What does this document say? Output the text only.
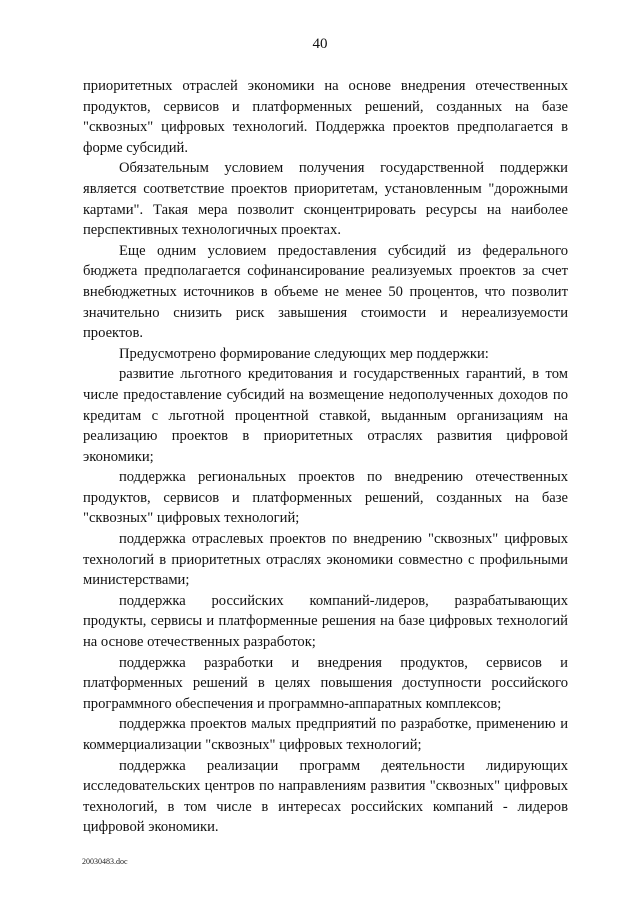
40

приоритетных отраслей экономики на основе внедрения отечественных продуктов, сервисов и платформенных решений, созданных на базе "сквозных" цифровых технологий. Поддержка проектов предполагается в форме субсидий.

Обязательным условием получения государственной поддержки является соответствие проектов приоритетам, установленным "дорожными картами". Такая мера позволит сконцентрировать ресурсы на наиболее перспективных технологичных проектах.

Еще одним условием предоставления субсидий из федерального бюджета предполагается софинансирование реализуемых проектов за счет внебюджетных источников в объеме не менее 50 процентов, что позволит значительно снизить риск завышения стоимости и нереализуемости проектов.

Предусмотрено формирование следующих мер поддержки:

развитие льготного кредитования и государственных гарантий, в том числе предоставление субсидий на возмещение недополученных доходов по кредитам с льготной процентной ставкой, выданным организациям на реализацию проектов в приоритетных отраслях развития цифровой экономики;

поддержка региональных проектов по внедрению отечественных продуктов, сервисов и платформенных решений, созданных на базе "сквозных" цифровых технологий;

поддержка отраслевых проектов по внедрению "сквозных" цифровых технологий в приоритетных отраслях экономики совместно с профильными министерствами;

поддержка российских компаний-лидеров, разрабатывающих продукты, сервисы и платформенные решения на базе цифровых технологий на основе отечественных разработок;

поддержка разработки и внедрения продуктов, сервисов и платформенных решений в целях повышения доступности российского программного обеспечения и программно-аппаратных комплексов;

поддержка проектов малых предприятий по разработке, применению и коммерциализации "сквозных" цифровых технологий;

поддержка реализации программ деятельности лидирующих исследовательских центров по направлениям развития "сквозных" цифровых технологий, в том числе в интересах российских компаний - лидеров цифровой экономики.

20030483.doc
